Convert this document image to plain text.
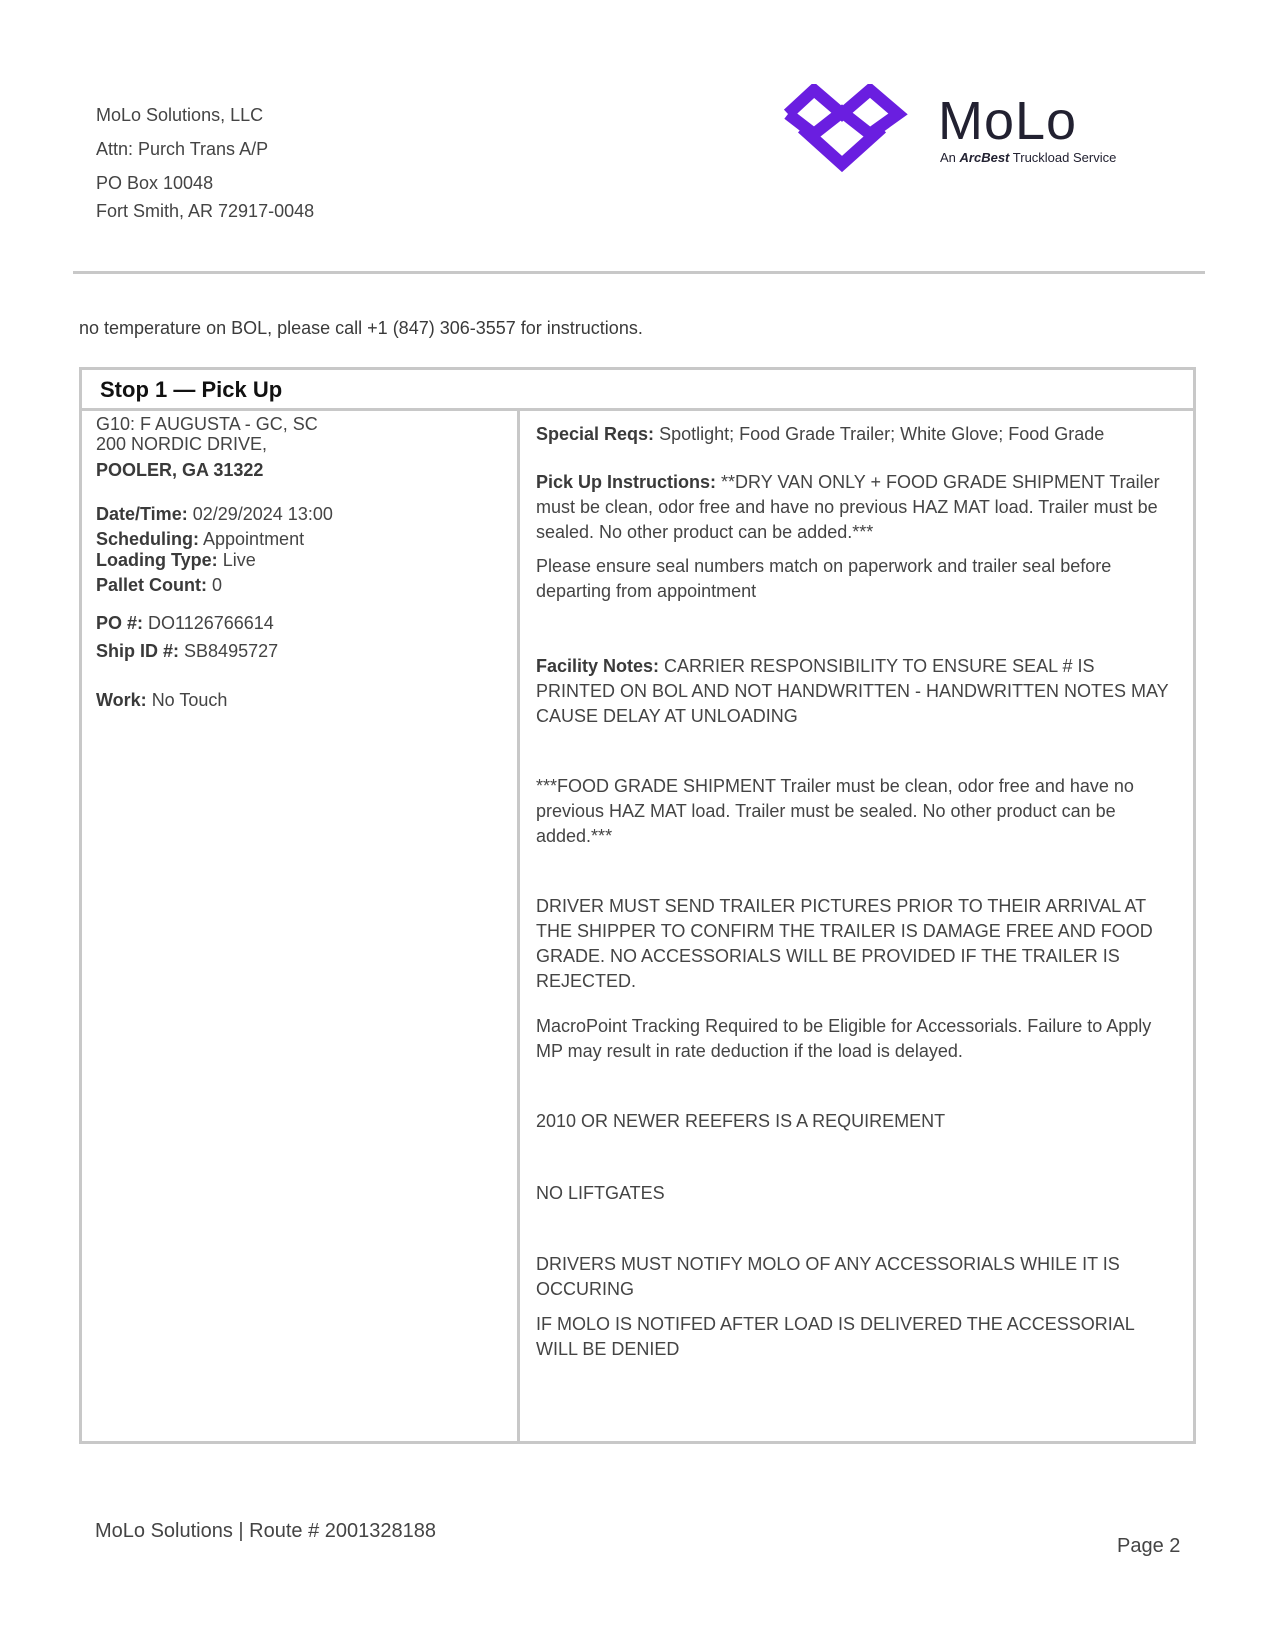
MoLo Solutions, LLC
Attn: Purch Trans A/P
PO Box 10048
Fort Smith, AR 72917-0048
MoLo
An ArcBest Truckload Service
no temperature on BOL, please call +1 (847) 306-3557 for instructions.
Stop 1 — Pick Up
G10: F AUGUSTA - GC, SC
200 NORDIC DRIVE,
POOLER, GA 31322
Date/Time: 02/29/2024 13:00
Scheduling: Appointment
Loading Type: Live
Pallet Count: 0
PO #: DO1126766614
Ship ID #: SB8495727
Work: No Touch

Special Reqs: Spotlight; Food Grade Trailer; White Glove; Food Grade

Pick Up Instructions: **DRY VAN ONLY + FOOD GRADE SHIPMENT Trailer must be clean, odor free and have no previous HAZ MAT load. Trailer must be sealed. No other product can be added.***

Please ensure seal numbers match on paperwork and trailer seal before departing from appointment

Facility Notes: CARRIER RESPONSIBILITY TO ENSURE SEAL # IS PRINTED ON BOL AND NOT HANDWRITTEN - HANDWRITTEN NOTES MAY CAUSE DELAY AT UNLOADING

***FOOD GRADE SHIPMENT Trailer must be clean, odor free and have no previous HAZ MAT load. Trailer must be sealed. No other product can be added.***

DRIVER MUST SEND TRAILER PICTURES PRIOR TO THEIR ARRIVAL AT THE SHIPPER TO CONFIRM THE TRAILER IS DAMAGE FREE AND FOOD GRADE. NO ACCESSORIALS WILL BE PROVIDED IF THE TRAILER IS REJECTED.

MacroPoint Tracking Required to be Eligible for Accessorials. Failure to Apply MP may result in rate deduction if the load is delayed.

2010 OR NEWER REEFERS IS A REQUIREMENT

NO LIFTGATES

DRIVERS MUST NOTIFY MOLO OF ANY ACCESSORIALS WHILE IT IS OCCURING

IF MOLO IS NOTIFED AFTER LOAD IS DELIVERED THE ACCESSORIAL WILL BE DENIED

MoLo Solutions | Route # 2001328188
Page 2
